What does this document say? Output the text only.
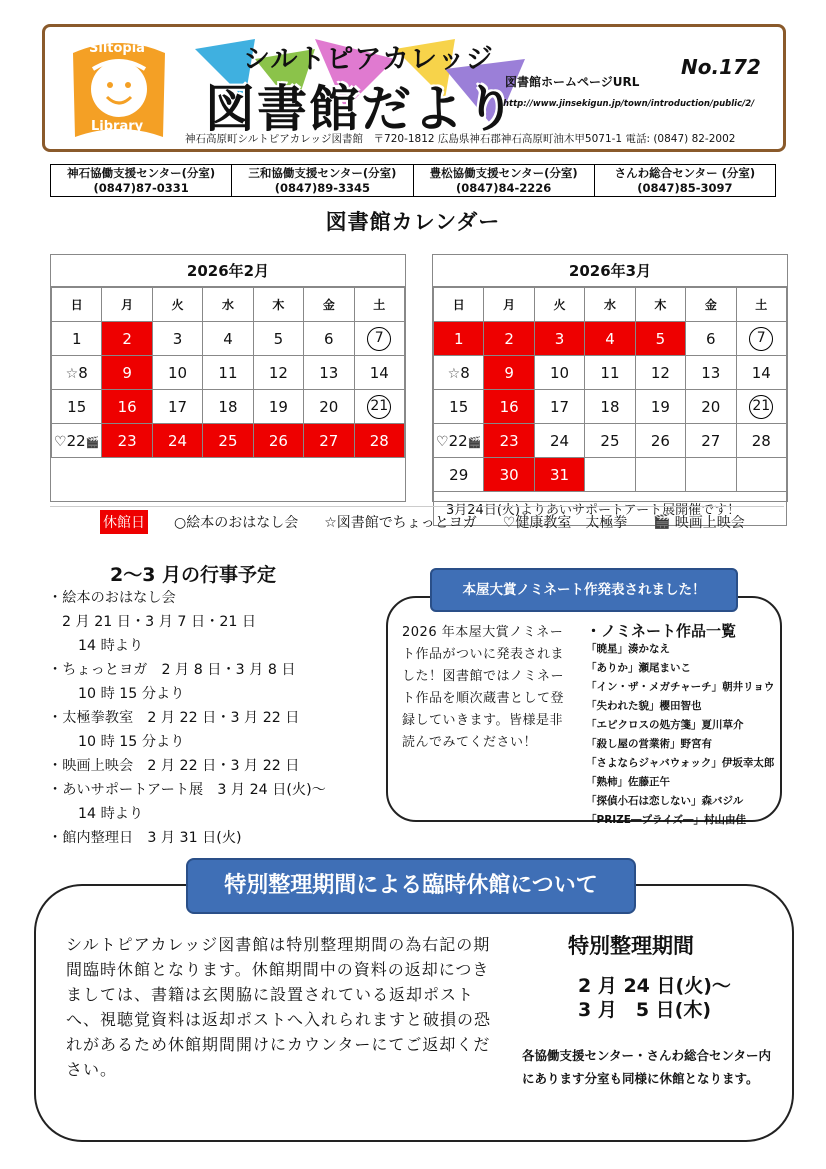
Siltopia
Library
シルトピアカレッジ
図書館だより
図書館ホームページURL
No.172
http://www.jinsekigun.jp/town/introduction/public/2/
神石高原町シルトピアカレッジ図書館　〒720-1812 広島県神石郡神石高原町油木甲5071-1 電話: (0847) 82-2002
神石協働支援センター(分室)
(0847)87-0331
三和協働支援センター(分室)
(0847)89-3345
豊松協働支援センター(分室)
(0847)84-2226
さんわ総合センター (分室)
(0847)85-3097
図書館カレンダー
2026年2月
日	月	火	水	木	金	土
1	2	3	4	5	6	7
☆8	9	10	11	12	13	14
15	16	17	18	19	20	21
♡22🎬	23	24	25	26	27	28
2026年3月
日	月	火	水	木	金	土
1	2	3	4	5	6	7
☆8	9	10	11	12	13	14
15	16	17	18	19	20	21
♡22🎬	23	24	25	26	27	28
29	30	31				
3月24日(火)よりあいサポートアート展開催です！						
休館日 ○絵本のおはなし会 ☆図書館でちょっとヨガ ♡健康教室　太極拳 🎬 映画上映会
2～3 月の行事予定
・絵本のおはなし会
2 月 21 日・3 月 7 日・21 日
14 時より
・ちょっとヨガ　2 月 8 日・3 月 8 日
10 時 15 分より
・太極拳教室　2 月 22 日・3 月 22 日
10 時 15 分より
・映画上映会　2 月 22 日・3 月 22 日
・あいサポートアート展　3 月 24 日(火)～
14 時より
・館内整理日　3 月 31 日(火)
本屋大賞ノミネート作発表されました！
2026 年本屋大賞ノミネート作品がついに発表されました！図書館ではノミネート作品を順次蔵書として登録していきます。皆様是非読んでみてください！
・ノミネート作品一覧
「暁星」湊かなえ
「ありか」瀬尾まいこ
「イン・ザ・メガチャーチ」朝井リョウ
「失われた貌」櫻田智也
「エピクロスの処方箋」夏川草介
「殺し屋の営業術」野宮有
「さよならジャバウォック」伊坂幸太郎
「熟柿」佐藤正午
「探偵小石は恋しない」森バジル
「PRIZE―プライズ―」村山由佳
特別整理期間による臨時休館について
シルトピアカレッジ図書館は特別整理期間の為右記の期間臨時休館となります。休館期間中の資料の返却につきましては、書籍は玄関脇に設置されている返却ポストへ、視聴覚資料は返却ポストへ入れられますと破損の恐れがあるため休館期間開けにカウンターにてご返却ください。
特別整理期間
2 月 24 日(火)～
3 月　5 日(木)
各協働支援センター・さんわ総合センター内にあります分室も同様に休館となります。
